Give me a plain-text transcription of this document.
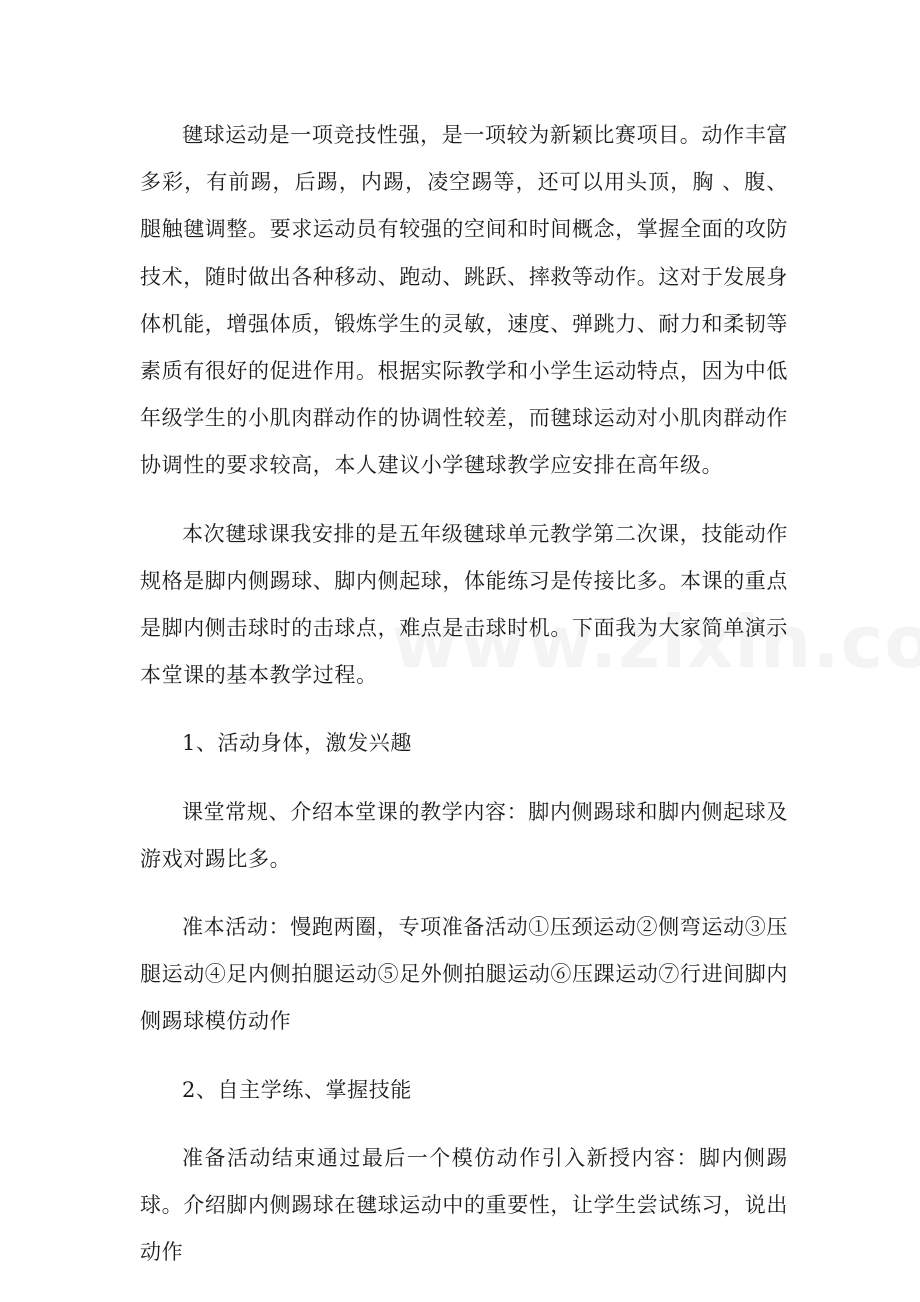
毽球运动是一项竞技性强，是一项较为新颖比赛项目。动作丰富多彩，有前踢，后踢，内踢，凌空踢等，还可以用头顶，胸 、腹、腿触毽调整。要求运动员有较强的空间和时间概念，掌握全面的攻防技术，随时做出各种移动、跑动、跳跃、摔救等动作。这对于发展身体机能，增强体质，锻炼学生的灵敏，速度、弹跳力、耐力和柔韧等素质有很好的促进作用。根据实际教学和小学生运动特点，因为中低年级学生的小肌肉群动作的协调性较差，而毽球运动对小肌肉群动作协调性的要求较高，本人建议小学毽球教学应安排在高年级。

本次毽球课我安排的是五年级毽球单元教学第二次课，技能动作规格是脚内侧踢球、脚内侧起球，体能练习是传接比多。本课的重点是脚内侧击球时的击球点，难点是击球时机。下面我为大家简单演示本堂课的基本教学过程。

1、活动身体，激发兴趣

课堂常规、介绍本堂课的教学内容：脚内侧踢球和脚内侧起球及游戏对踢比多。

准本活动：慢跑两圈，专项准备活动①压颈运动②侧弯运动③压腿运动④足内侧拍腿运动⑤足外侧拍腿运动⑥压踝运动⑦行进间脚内侧踢球模仿动作

2、自主学练、掌握技能

准备活动结束通过最后一个模仿动作引入新授内容：脚内侧踢球。介绍脚内侧踢球在毽球运动中的重要性，让学生尝试练习，说出动作
